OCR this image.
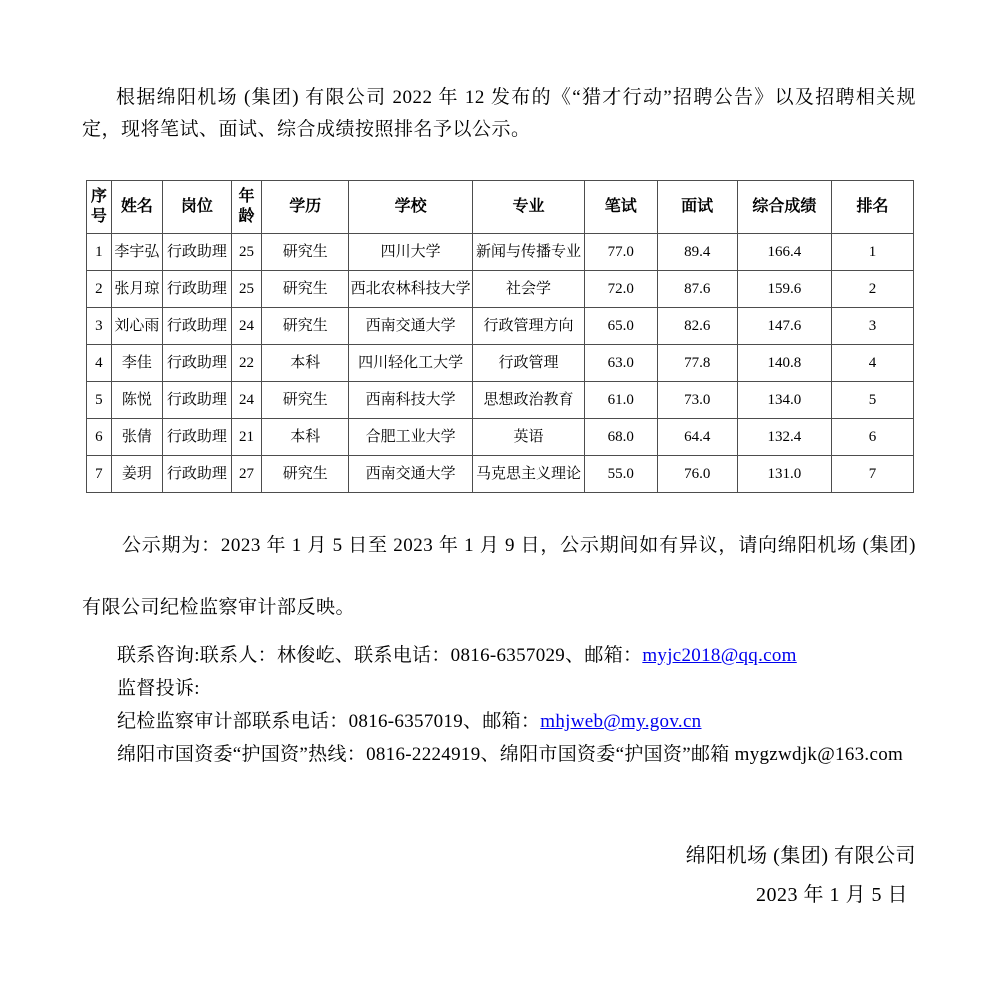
根据绵阳机场 (集团) 有限公司 2022 年 12 发布的《“猎才行动”招聘公告》以及招聘相关规定，现将笔试、面试、综合成绩按照排名予以公示。

序号	姓名	岗位	年龄	学历	学校	专业	笔试	面试	综合成绩	排名
1	李宇弘	行政助理	25	研究生	四川大学	新闻与传播专业	77.0	89.4	166.4	1
2	张月琼	行政助理	25	研究生	西北农林科技大学	社会学	72.0	87.6	159.6	2
3	刘心雨	行政助理	24	研究生	西南交通大学	行政管理方向	65.0	82.6	147.6	3
4	李佳	行政助理	22	本科	四川轻化工大学	行政管理	63.0	77.8	140.8	4
5	陈悦	行政助理	24	研究生	西南科技大学	思想政治教育	61.0	73.0	134.0	5
6	张倩	行政助理	21	本科	合肥工业大学	英语	68.0	64.4	132.4	6
7	姜玥	行政助理	27	研究生	西南交通大学	马克思主义理论	55.0	76.0	131.0	7

公示期为：2023 年 1 月 5 日至 2023 年 1 月 9 日，公示期间如有异议，请向绵阳机场 (集团) 有限公司纪检监察审计部反映。

联系咨询:联系人：林俊屹、联系电话：0816-6357029、邮箱：myjc2018@qq.com

监督投诉:

纪检监察审计部联系电话：0816-6357019、邮箱：mhjweb@my.gov.cn

绵阳市国资委“护国资”热线：0816-2224919、绵阳市国资委“护国资”邮箱 mygzwdjk@163.com

绵阳机场 (集团) 有限公司

2023 年 1 月 5 日
